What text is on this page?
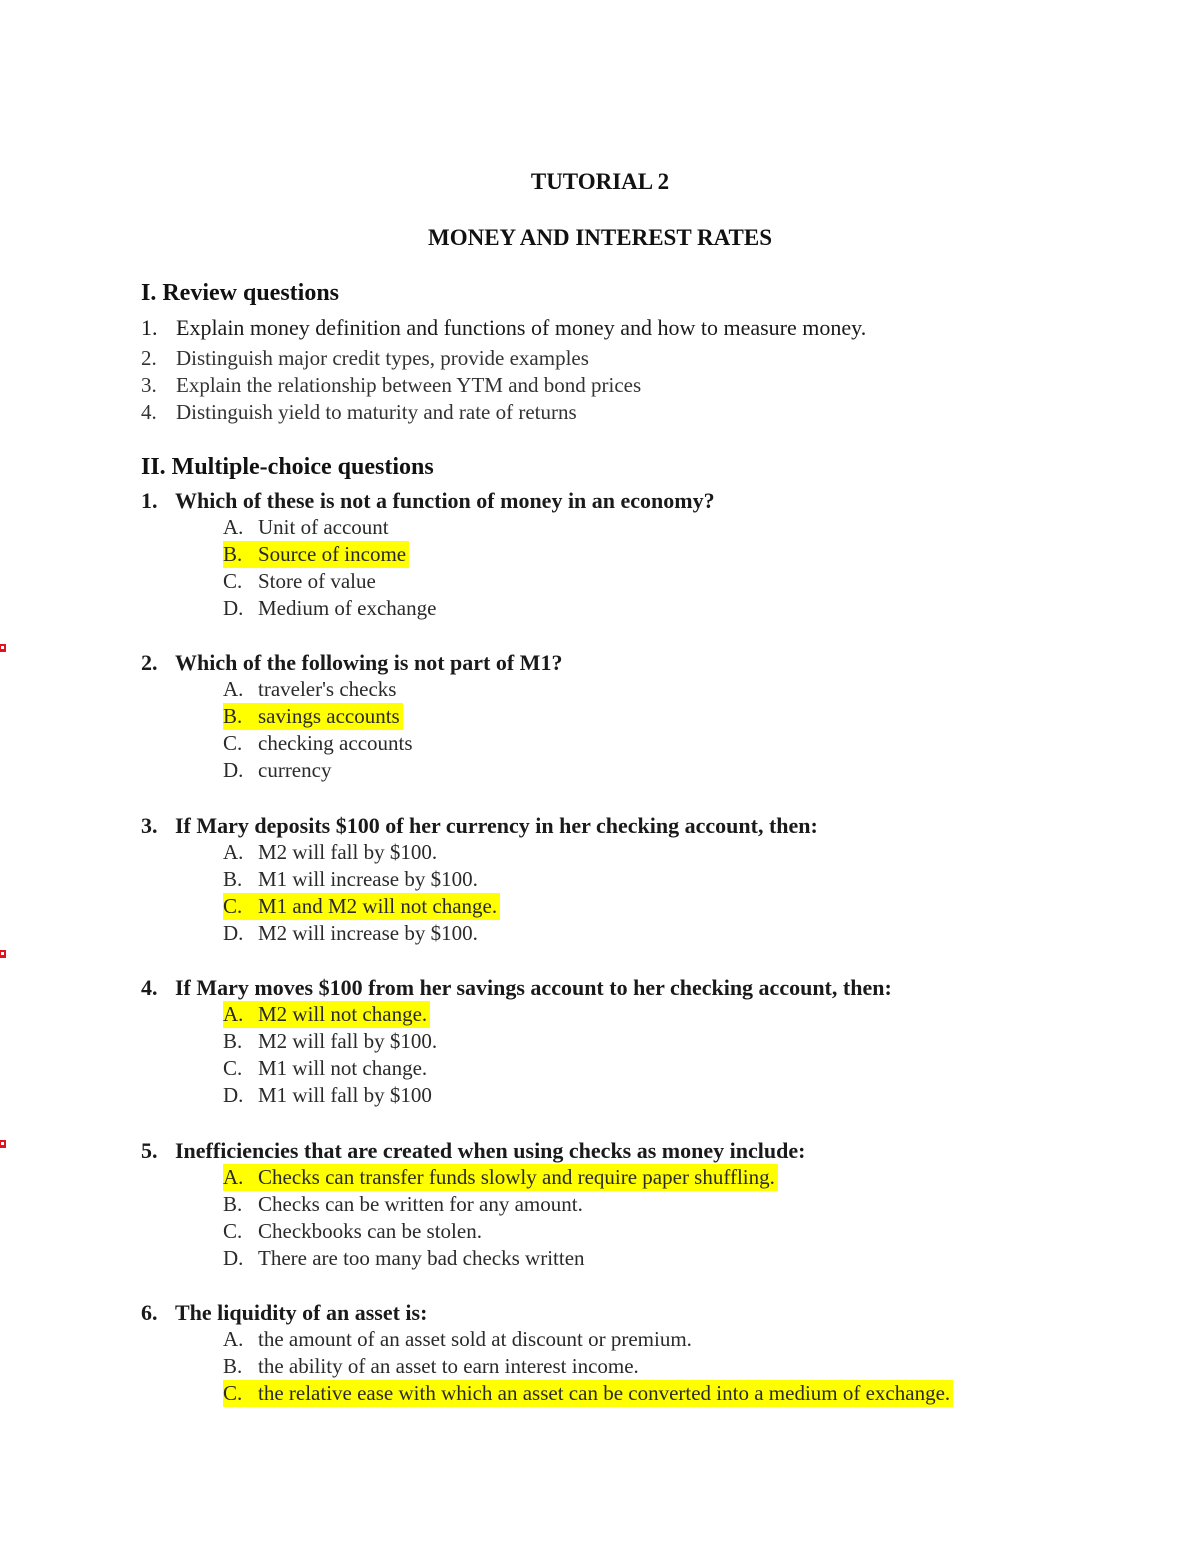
TUTORIAL 2
MONEY AND INTEREST RATES
I. Review questions
1. Explain money definition and functions of money and how to measure money.
2. Distinguish major credit types, provide examples
3. Explain the relationship between YTM and bond prices
4. Distinguish yield to maturity and rate of returns
II. Multiple-choice questions
1. Which of these is not a function of money in an economy?
A. Unit of account
B. Source of income
C. Store of value
D. Medium of exchange
2. Which of the following is not part of M1?
A. traveler's checks
B. savings accounts
C. checking accounts
D. currency
3. If Mary deposits $100 of her currency in her checking account, then:
A. M2 will fall by $100.
B. M1 will increase by $100.
C. M1 and M2 will not change.
D. M2 will increase by $100.
4. If Mary moves $100 from her savings account to her checking account, then:
A. M2 will not change.
B. M2 will fall by $100.
C. M1 will not change.
D. M1 will fall by $100
5. Inefficiencies that are created when using checks as money include:
A. Checks can transfer funds slowly and require paper shuffling.
B. Checks can be written for any amount.
C. Checkbooks can be stolen.
D. There are too many bad checks written
6. The liquidity of an asset is:
A. the amount of an asset sold at discount or premium.
B. the ability of an asset to earn interest income.
C. the relative ease with which an asset can be converted into a medium of exchange.
